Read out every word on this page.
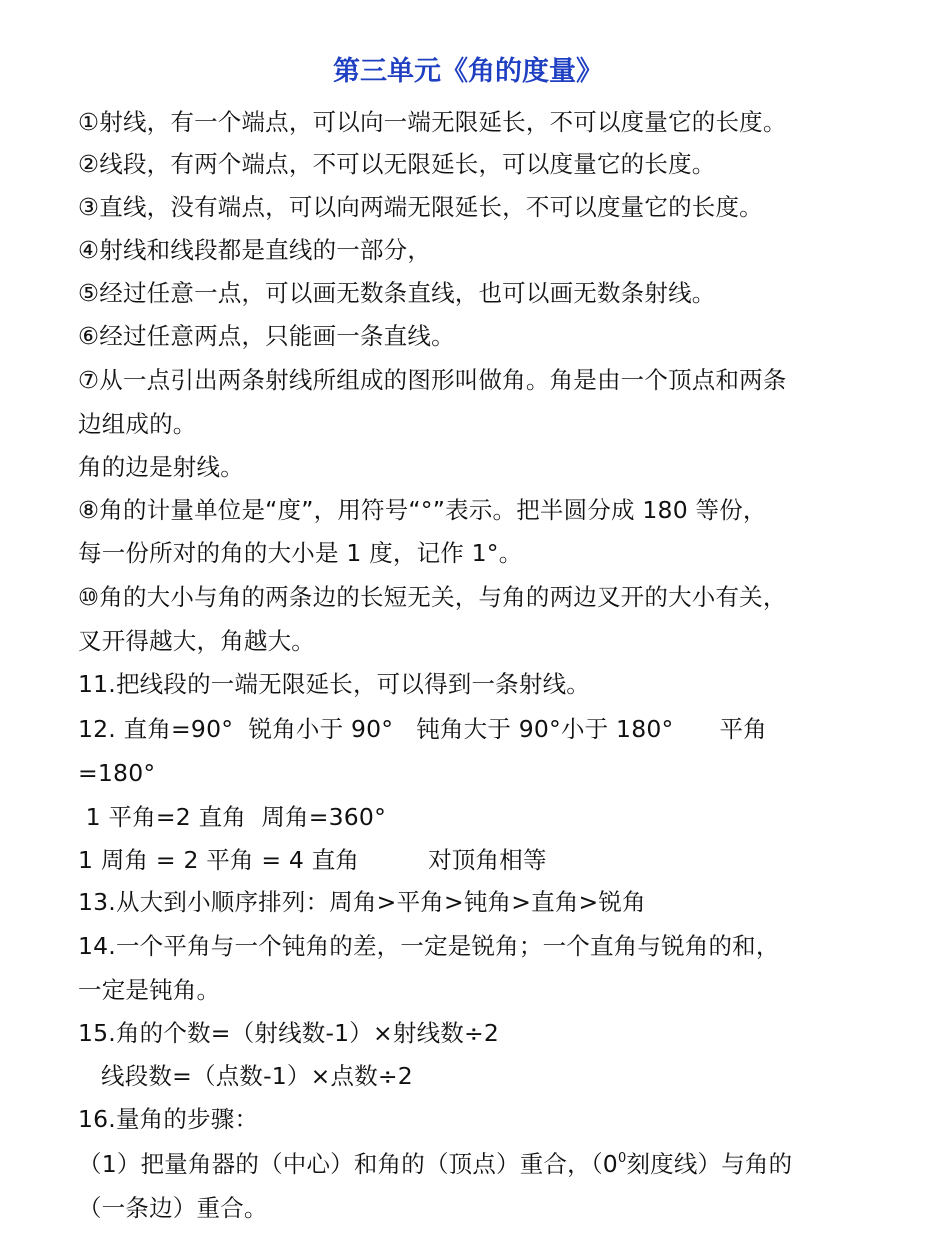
第三单元《角的度量》
①射线，有一个端点，可以向一端无限延长，不可以度量它的长度。
②线段，有两个端点，不可以无限延长，可以度量它的长度。
③直线，没有端点，可以向两端无限延长，不可以度量它的长度。
④射线和线段都是直线的一部分，
⑤经过任意一点，可以画无数条直线，也可以画无数条射线。
⑥经过任意两点，只能画一条直线。
⑦从一点引出两条射线所组成的图形叫做角。角是由一个顶点和两条
边组成的。
角的边是射线。
⑧角的计量单位是“度”，用符号“°”表示。把半圆分成 180 等份，
每一份所对的角的大小是 1 度，记作 1°。
⑩角的大小与角的两条边的长短无关，与角的两边叉开的大小有关，
叉开得越大，角越大。
11.把线段的一端无限延长，可以得到一条射线。
12. 直角=90°  锐角小于 90°   钝角大于 90°小于 180°      平角
=180°
1 平角=2 直角  周角=360°
1 周角 = 2 平角 = 4 直角         对顶角相等
13.从大到小顺序排列：周角>平角>钝角>直角>锐角
14.一个平角与一个钝角的差，一定是锐角；一个直角与锐角的和，
一定是钝角。
15.角的个数=（射线数-1）×射线数÷2
线段数=（点数-1）×点数÷2
16.量角的步骤：
（1）把量角器的（中心）和角的（顶点）重合，（$0^0$刻度线）与角的
（一条边）重合。
